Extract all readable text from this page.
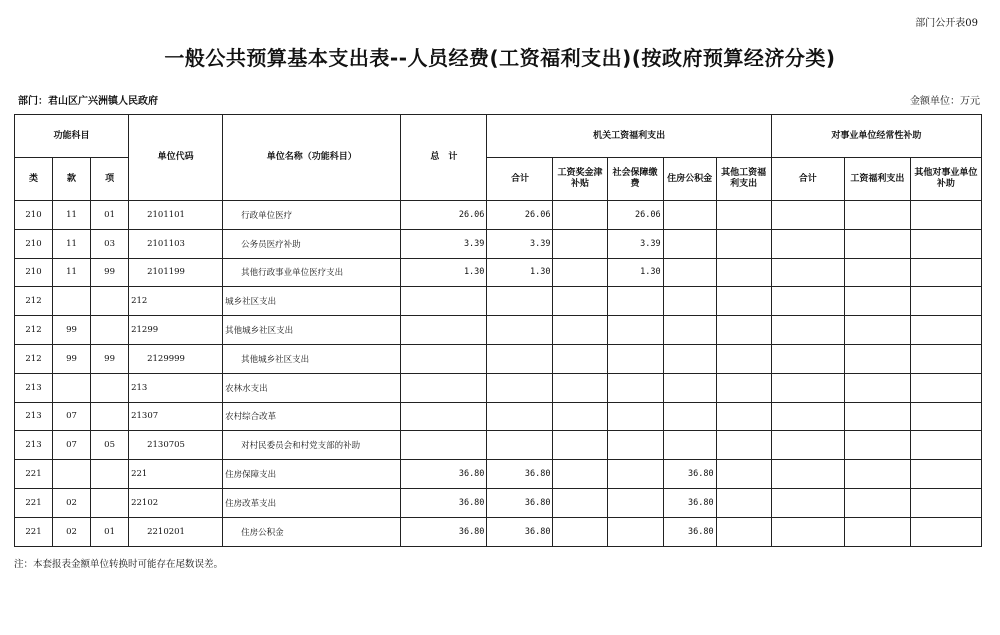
部门公开表09
一般公共预算基本支出表--人员经费(工资福利支出)(按政府预算经济分类)
部门：君山区广兴洲镇人民政府	金额单位：万元
功能科目			单位代码	单位名称（功能科目）	总　计	机关工资福利支出					对事业单位经常性补助		
类	款	项				合计	工资奖金津补贴	社会保障缴费	住房公积金	其他工资福利支出	合计	工资福利支出	其他对事业单位补助
210	11	01	2101101	行政单位医疗	26.06	26.06		26.06					
210	11	03	2101103	公务员医疗补助	3.39	3.39		3.39					
210	11	99	2101199	其他行政事业单位医疗支出	1.30	1.30		1.30					
212			212	城乡社区支出									
212	99		21299	其他城乡社区支出									
212	99	99	2129999	其他城乡社区支出									
213			213	农林水支出									
213	07		21307	农村综合改革									
213	07	05	2130705	对村民委员会和村党支部的补助									
221			221	住房保障支出	36.80	36.80			36.80				
221	02		22102	住房改革支出	36.80	36.80			36.80				
221	02	01	2210201	住房公积金	36.80	36.80			36.80				
注：本套报表金额单位转换时可能存在尾数误差。
